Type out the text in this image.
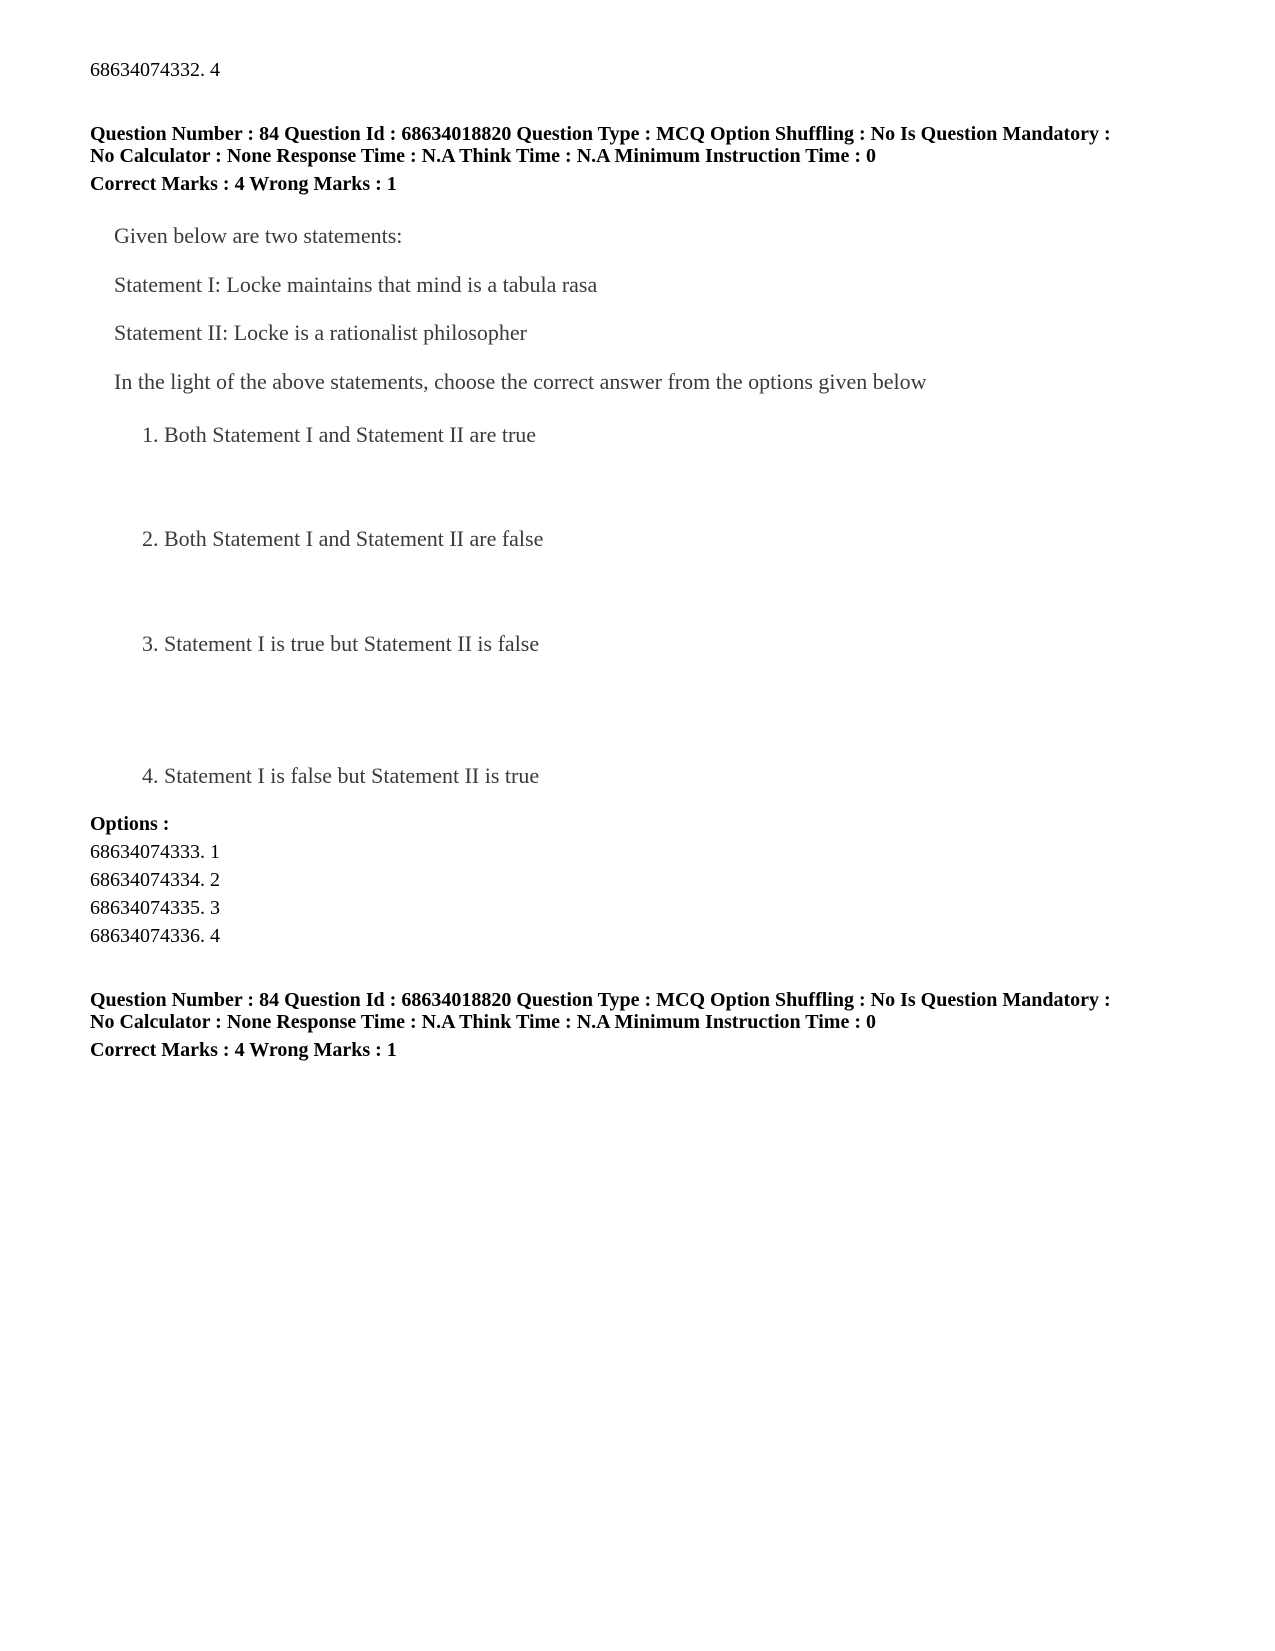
68634074332. 4
Question Number : 84 Question Id : 68634018820 Question Type : MCQ Option Shuffling : No Is Question Mandatory :
No Calculator : None Response Time : N.A Think Time : N.A Minimum Instruction Time : 0
Correct Marks : 4 Wrong Marks : 1
Given below are two statements:
Statement I: Locke maintains that mind is a tabula rasa
Statement II: Locke is a rationalist philosopher
In the light of the above statements, choose the correct answer from the options given below
1. Both Statement I and Statement II are true
2. Both Statement I and Statement II are false
3. Statement I is true but Statement II is false
4. Statement I is false but Statement II is true
Options :
68634074333. 1
68634074334. 2
68634074335. 3
68634074336. 4
Question Number : 84 Question Id : 68634018820 Question Type : MCQ Option Shuffling : No Is Question Mandatory :
No Calculator : None Response Time : N.A Think Time : N.A Minimum Instruction Time : 0
Correct Marks : 4 Wrong Marks : 1
